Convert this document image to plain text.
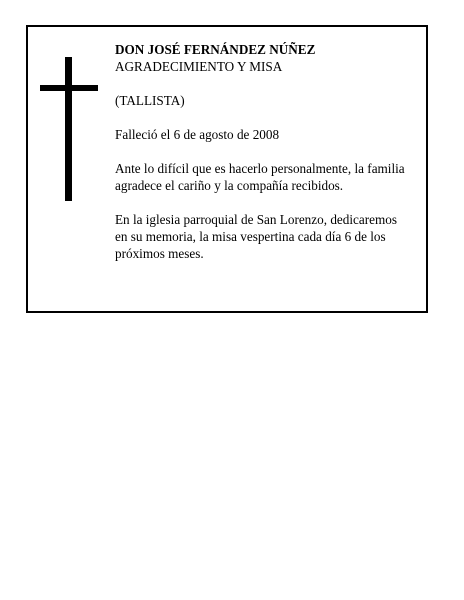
DON JOSÉ FERNÁNDEZ NÚÑEZ
AGRADECIMIENTO Y MISA
(TALLISTA)
Falleció el 6 de agosto de 2008
Ante lo difícil que es hacerlo personalmente, la familia
agradece el cariño y la compañía recibidos.
En la iglesia parroquial de San Lorenzo, dedicaremos
en su memoria, la misa vespertina cada día 6 de los
próximos meses.
